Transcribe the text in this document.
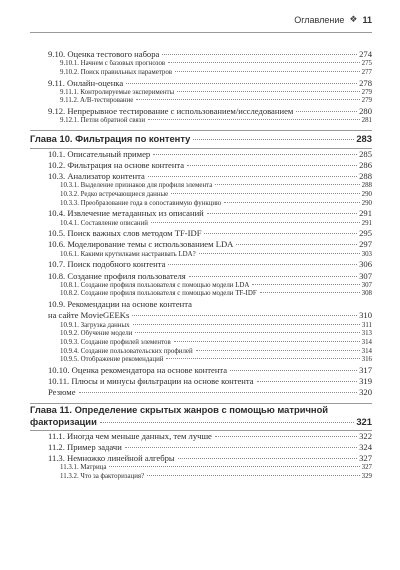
Оглавление ❖ 11
9.10. Оценка тестового набора	274
9.10.1. Начнем с базовых прогнозов	275
9.10.2. Поиск правильных параметров	277
9.11. Онлайн-оценка	278
9.11.1. Контролируемые эксперименты	279
9.11.2. A/B-тестирование	279
9.12. Непрерывное тестирование с использованием/исследованием	280
9.12.1. Петли обратной связи	281
Глава 10. Фильтрация по контенту	283
10.1. Описательный пример	285
10.2. Фильтрация на основе контента	286
10.3. Анализатор контента	288
10.3.1. Выделение признаков для профиля элемента	288
10.3.2. Редко встречающиеся данные	290
10.3.3. Преобразование года в сопоставимую функцию	290
10.4. Извлечение метаданных из описаний	291
10.4.1. Составление описаний	291
10.5. Поиск важных слов методом TF-IDF	295
10.6. Моделирование темы с использованием LDA	297
10.6.1. Какими крутилками настраивать LDA?	303
10.7. Поиск подобного контента	306
10.8. Создание профиля пользователя	307
10.8.1. Создание профиля пользователя с помощью модели LDA	307
10.8.2. Создание профиля пользователя с помощью модели TF-IDF	308
10.9. Рекомендации на основе контента
на сайте MovieGEEKs	310
10.9.1. Загрузка данных	311
10.9.2. Обучение модели	313
10.9.3. Создание профилей элементов	314
10.9.4. Создание пользовательских профилей	314
10.9.5. Отображение рекомендаций	316
10.10. Оценка рекомендатора на основе контента	317
10.11. Плюсы и минусы фильтрации на основе контента	319
Резюме	320
Глава 11. Определение скрытых жанров с помощью матричной
факторизации	321
11.1. Иногда чем меньше данных, тем лучше	322
11.2. Пример задачи	324
11.3. Немножко линейной алгебры	327
11.3.1. Матрица	327
11.3.2. Что за факторизация?	329
